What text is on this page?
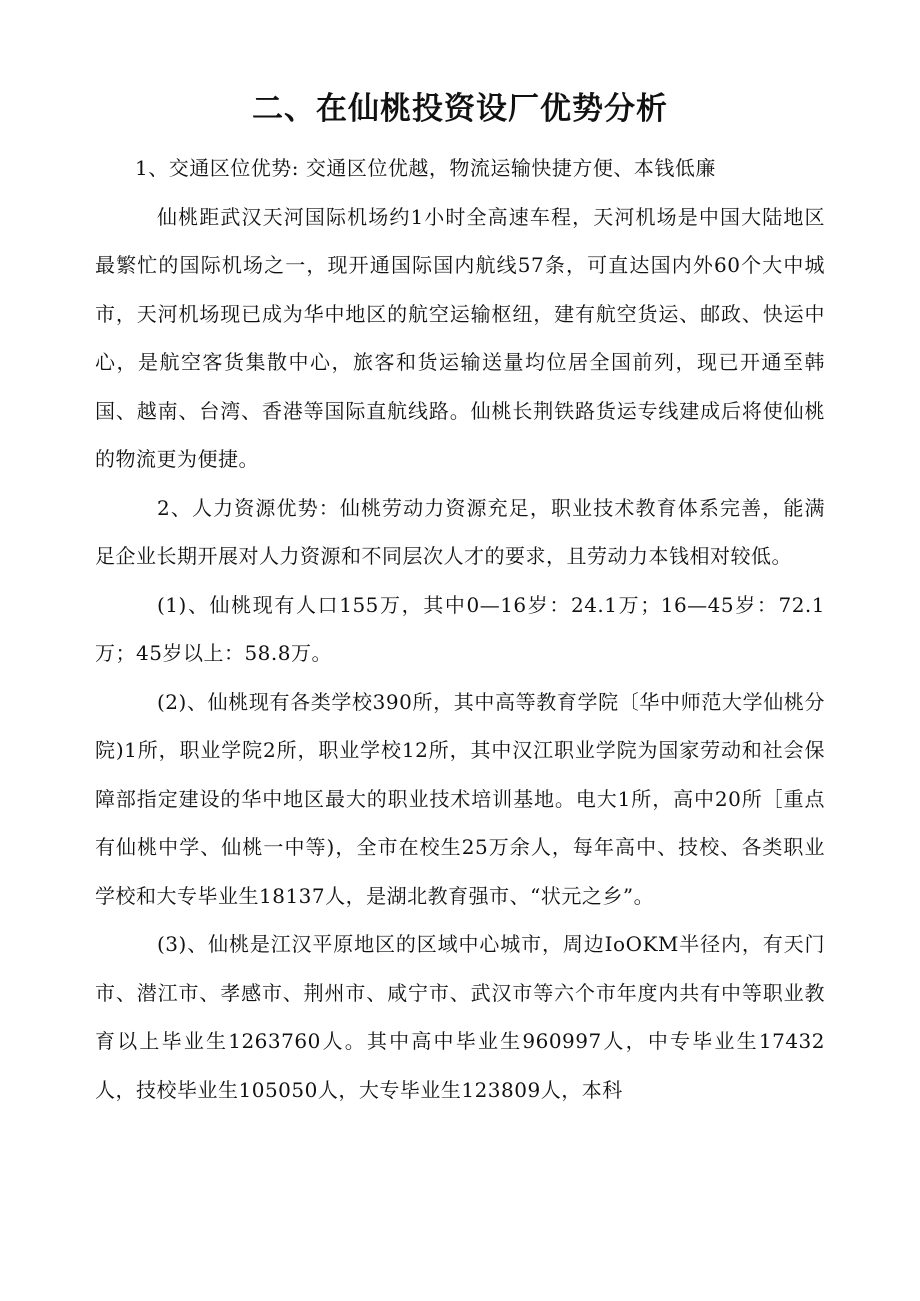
二、在仙桃投资设厂优势分析

1、交通区位优势: 交通区位优越，物流运输快捷方便、本钱低廉

仙桃距武汉天河国际机场约1小时全高速车程，天河机场是中国大陆地区最繁忙的国际机场之一，现开通国际国内航线57条，可直达国内外60个大中城市，天河机场现已成为华中地区的航空运输枢纽，建有航空货运、邮政、快运中心，是航空客货集散中心，旅客和货运输送量均位居全国前列，现已开通至韩国、越南、台湾、香港等国际直航线路。仙桃长荆铁路货运专线建成后将使仙桃的物流更为便捷。

2、人力资源优势：仙桃劳动力资源充足，职业技术教育体系完善，能满足企业长期开展对人力资源和不同层次人才的要求，且劳动力本钱相对较低。

(1)、仙桃现有人口155万，其中0—16岁：24.1万；16—45岁：72.1万；45岁以上：58.8万。

(2)、仙桃现有各类学校390所，其中高等教育学院〔华中师范大学仙桃分院)1所，职业学院2所，职业学校12所，其中汉江职业学院为国家劳动和社会保障部指定建设的华中地区最大的职业技术培训基地。电大1所，高中20所［重点有仙桃中学、仙桃一中等)，全市在校生25万余人，每年高中、技校、各类职业学校和大专毕业生18137人，是湖北教育强市、“状元之乡”。

(3)、仙桃是江汉平原地区的区域中心城市，周边IoOKM半径内，有天门市、潜江市、孝感市、荆州市、咸宁市、武汉市等六个市年度内共有中等职业教育以上毕业生1263760人。其中高中毕业生960997人，中专毕业生17432人，技校毕业生105050人，大专毕业生123809人，本科
